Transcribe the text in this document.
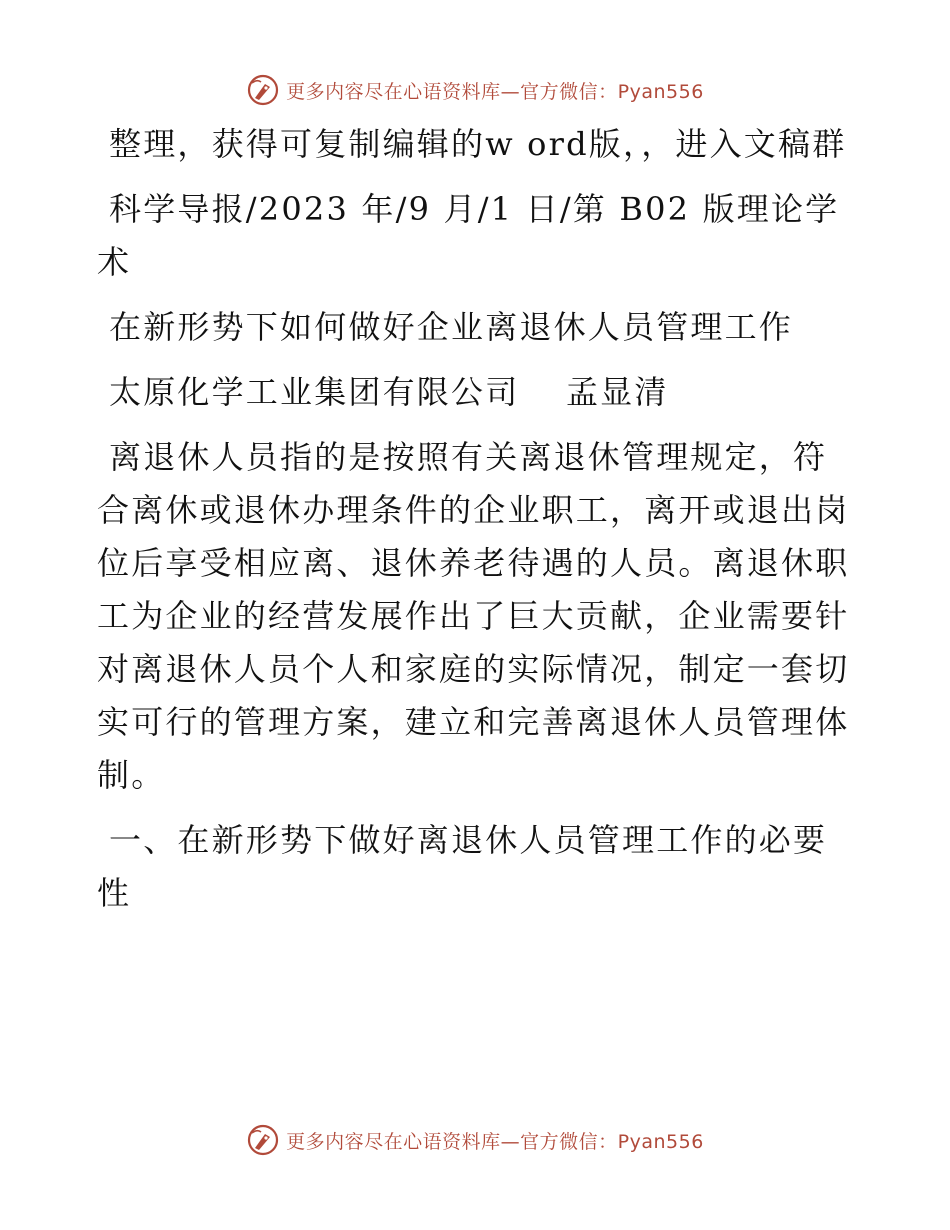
更多内容尽在心语资料库—官方微信：Pyan556

整理，获得可复制编辑的w ord版，，进入文稿群

科学导报/2023 年/9 月/1 日/第 B02 版理论学术

在新形势下如何做好企业离退休人员管理工作

太原化学工业集团有限公司　 孟显清

离退休人员指的是按照有关离退休管理规定，符合离休或退休办理条件的企业职工，离开或退出岗位后享受相应离、退休养老待遇的人员。离退休职工为企业的经营发展作出了巨大贡献，企业需要针对离退休人员个人和家庭的实际情况，制定一套切实可行的管理方案，建立和完善离退休人员管理体制。

一、在新形势下做好离退休人员管理工作的必要性

更多内容尽在心语资料库—官方微信：Pyan556
